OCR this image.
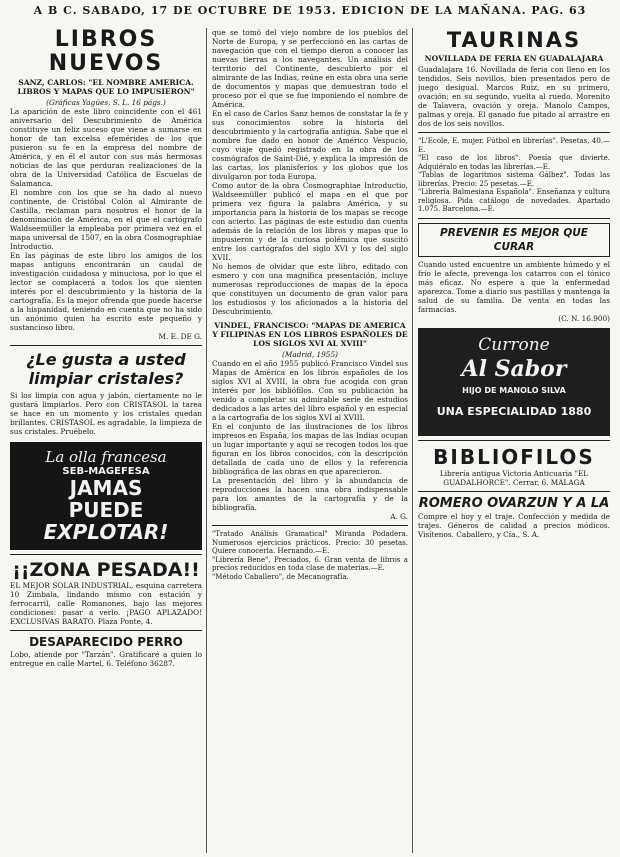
A B C. SABADO, 17 DE OCTUBRE DE 1953. EDICION DE LA MAÑANA. PAG. 63
LIBROS NUEVOS

SANZ, CARLOS: "EL NOMBRE AMERICA. LIBROS Y MAPAS QUE LO IMPUSIERON"

(Gráficas Yagües, S. L. 16 págs.)

La aparición de este libro coincidente con el 461 aniversario del Descubrimiento de América constituye un feliz suceso que viene a sumarse en honor de tan excelsa efemérides de los que pusieron su fe en la empresa del nombre de América, y en él el autor con sus más hermosas noticias de las que perduran realizaciones de la obra de la Universidad Católica de Escuelas de Salamanca.

El nombre con los que se ha dado al nuevo continente, de Cristóbal Colón al Almirante de Castilla, reclaman para nosotros el honor de la denominación de América, en el que el cartógrafo Waldseemüller la empleaba por primera vez en el mapa universal de 1507, en la obra Cosmographiae Introductio.

En las páginas de este libro los amigos de los mapas antiguos encontrarán un caudal de investigación cuidadosa y minuciosa, por lo que el lector se complacerá a todos los que sienten interés por el descubrimiento y la historia de la cartografía. Es la mejor ofrenda que puede hacerse a la hispanidad, teniendo en cuenta que no ha sido un anónimo quien ha escrito este pequeño y sustancioso libro.

M. E. DE G.

¿Le gusta a usted limpiar cristales?

Si los limpia con agua y jabón, ciertamente no le gustará limpiarlos. Pero con CRISTASOL la tarea se hace en un momento y los cristales quedan brillantes. CRISTASOL es agradable, la limpieza de sus cristales. Pruébelo.

La olla francesa
SEB-MAGEFESA
JAMAS
PUEDE
EXPLOTAR!
¡¡ZONA PESADA!!

EL MEJOR SOLAR INDUSTRIAL, esquina carretera 10 Zimbala, lindando mismo con estación y ferrocarril, calle Romanones, bajo las mejores condiciones: pasar a verlo. ¡PAGO APLAZADO! EXCLUSIVAS BARATO. Plaza Ponte, 4.

DESAPARECIDO PERRO

Lobo, atiende por "Tarzán". Gratificaré a quien lo entregue en calle Martel, 6. Teléfono 36287.

que se tomó del viejo nombre de los pueblos del Norte de Europa, y se perfeccionó en las cartas de navegación que con el tiempo dieron a conocer las nuevas tierras a los navegantes. Un análisis del territorio del Continente, descubierto por el almirante de las Indias, reúne en esta obra una serie de documentos y mapas que demuestran todo el proceso por el que se fue imponiendo el nombre de América.

En el caso de Carlos Sanz hemos de constatar la fe y sus conocimientos sobre la historia del descubrimiento y la cartografía antigua. Sabe que el nombre fue dado en honor de Américo Vespucio, cuyo viaje quedó registrado en la obra de los cosmógrafos de Saint-Dié, y explica la impresión de las cartas, los planisferios y los globos que los divulgaron por toda Europa.

Como autor de la obra Cosmographiae Introductio, Waldseemüller publicó el mapa en el que por primera vez figura la palabra América, y su importancia para la historia de los mapas se recoge con acierto. Las páginas de este estudio dan cuenta además de la relación de los libros y mapas que lo impusieron y de la curiosa polémica que suscitó entre los cartógrafos del siglo XVI y los del siglo XVII.

No hemos de olvidar que este libro, editado con esmero y con una magnífica presentación, incluye numerosas reproducciones de mapas de la época que constituyen un documento de gran valor para los estudiosos y los aficionados a la historia del Descubrimiento.

VINDEL, FRANCISCO: "MAPAS DE AMERICA Y FILIPINAS EN LOS LIBROS ESPAÑOLES DE LOS SIGLOS XVI AL XVIII"

(Madrid, 1955)

Cuando en el año 1955 publicó Francisco Vindel sus Mapas de América en los libros españoles de los siglos XVI al XVIII, la obra fue acogida con gran interés por los bibliófilos. Con su publicación ha venido a completar su admirable serie de estudios dedicados a las artes del libro español y en especial a la cartografía de los siglos XVI al XVIII.

En el conjunto de las ilustraciones de los libros impresos en España, los mapas de las Indias ocupan un lugar importante y aquí se recogen todos los que figuran en los libros conocidos, con la descripción detallada de cada uno de ellos y la referencia bibliográfica de las obras en que aparecieron.

La presentación del libro y la abundancia de reproducciones la hacen una obra indispensable para los amantes de la cartografía y de la bibliografía.

A. G.

"Tratado Análisis Gramatical" Miranda Podadera. Numerosos ejercicios prácticos. Precio: 30 pesetas. Quiere conocerla. Hernando.—E.

"Librería Bene", Preciados, 6. Gran venta de libros a precios reducidos en toda clase de materias.—E.

"Método Caballero", de Mecanografía.

TAURINAS

NOVILLADA DE FERIA EN GUADALAJARA

Guadalajara 16. Novillada de feria con lleno en los tendidos. Seis novillos, bien presentados pero de juego desigual. Marcos Ruiz, en su primero, ovación; en su segundo, vuelta al ruedo. Morenito de Talavera, ovación y oreja. Manolo Campos, palmas y oreja. El ganado fue pitado al arrastre en dos de los seis novillos.

"L'Ecole, E. mujer. Fútbol en librerías". Pesetas, 40.—E.

"El caso de los libros". Poesía que divierte. Adquiéralo en todas las librerías.—E.

"Tablas de logaritmos sistema Gálbez". Todas las librerías. Precio: 25 pesetas.—E.

"Librería Balmesiana Española". Enseñanza y cultura religiosa. Pida catálogo de novedades. Apartado 1.075. Barcelona.—E.

PREVENIR ES MEJOR QUE CURAR

Cuando usted encuentre un ambiente húmedo y el frío le afecte, prevenga los catarros con el tónico más eficaz. No espere a que la enfermedad aparezca. Tome a diario sus pastillas y mantenga la salud de su familia. De venta en todas las farmacias.

(C. N. 16.900)

Currone
Al Sabor
HIJO DE MANOLO SILVA
UNA ESPECIALIDAD 1880
BIBLIOFILOS

Librería antigua Victoria Anticuaria "EL GUADALHORCE". Cerrar, 6. MALAGA

ROMERO OVARZUN Y A LA

Compre el hoy y el traje. Confección y medida de trajes. Géneros de calidad a precios módicos. Visítenos. Caballero, y Cía., S. A.
